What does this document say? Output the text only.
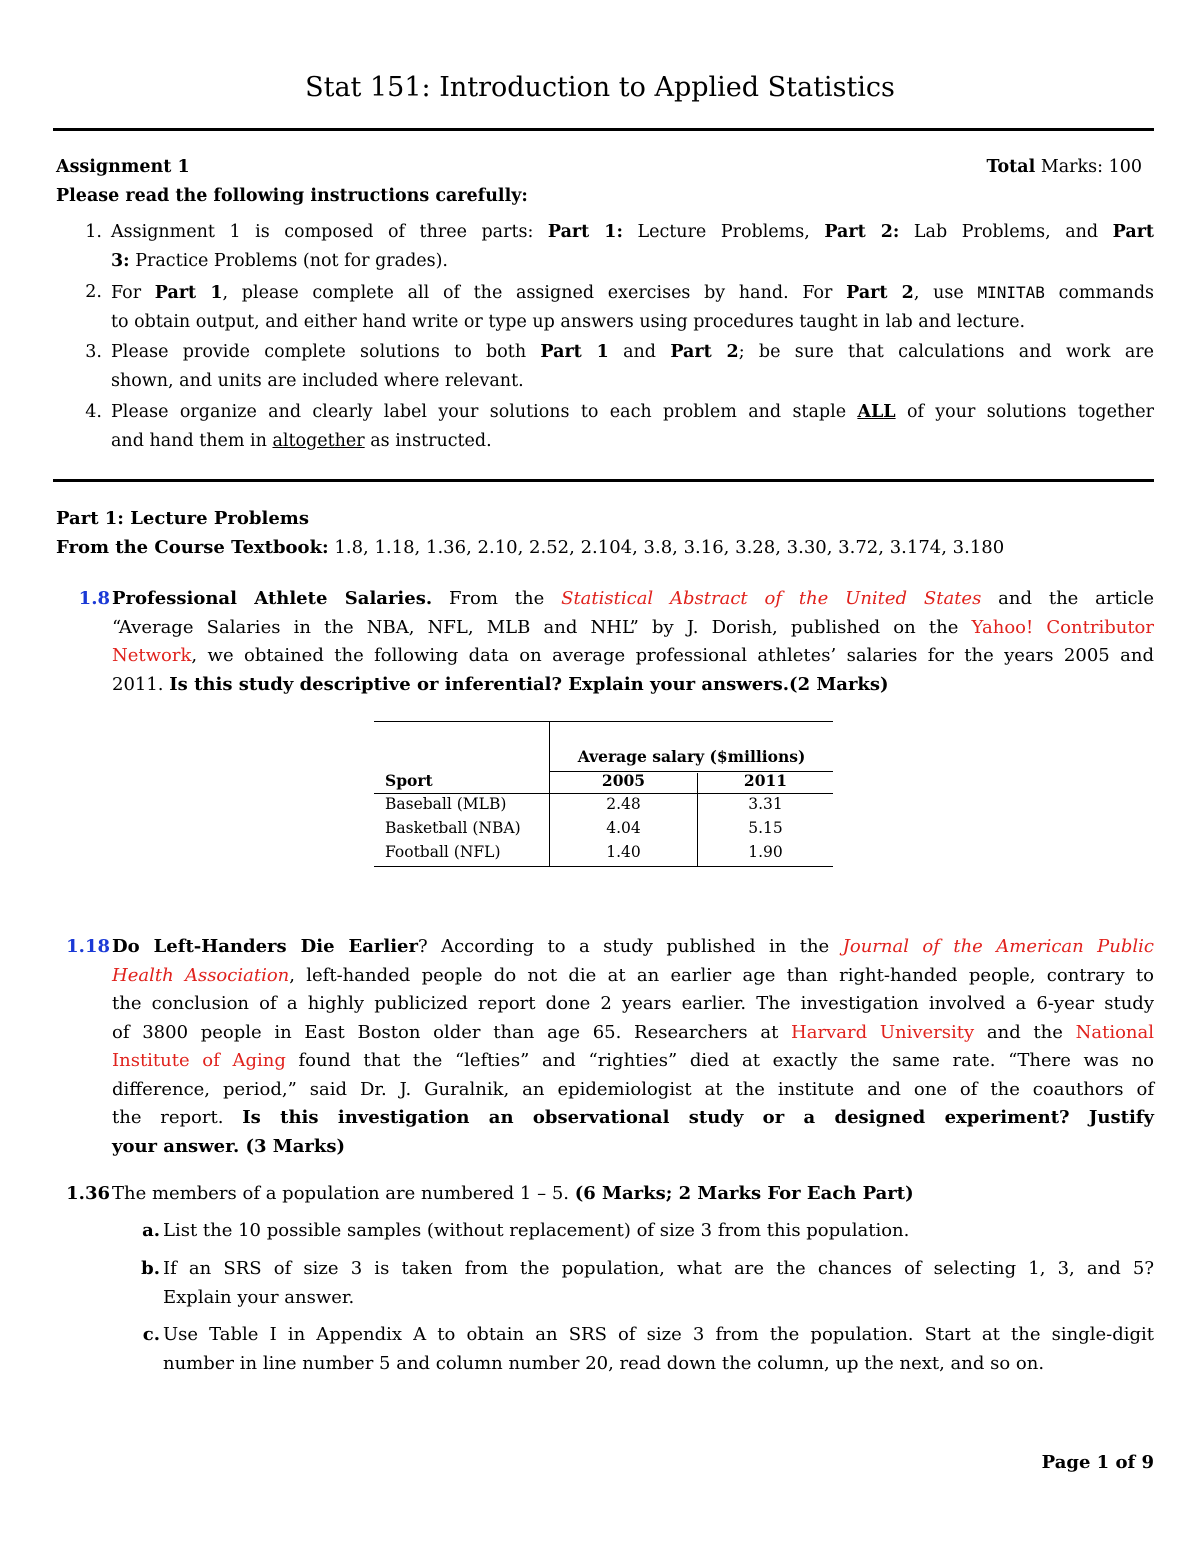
Stat 151: Introduction to Applied Statistics
Assignment 1	Total Marks: 100
Please read the following instructions carefully:
1. Assignment 1 is composed of three parts: Part 1: Lecture Problems, Part 2: Lab Problems, and Part
3: Practice Problems (not for grades).
2. For Part 1, please complete all of the assigned exercises by hand. For Part 2, use MINITAB commands
to obtain output, and either hand write or type up answers using procedures taught in lab and lecture.
3. Please provide complete solutions to both Part 1 and Part 2; be sure that calculations and work are
shown, and units are included where relevant.
4. Please organize and clearly label your solutions to each problem and staple ALL of your solutions together
and hand them in altogether as instructed.
Part 1: Lecture Problems
From the Course Textbook: 1.8, 1.18, 1.36, 2.10, 2.52, 2.104, 3.8, 3.16, 3.28, 3.30, 3.72, 3.174, 3.180
1.8 Professional Athlete Salaries. From the Statistical Abstract of the United States and the article
“Average Salaries in the NBA, NFL, MLB and NHL” by J. Dorish, published on the Yahoo! Contributor
Network, we obtained the following data on average professional athletes’ salaries for the years 2005 and
2011. Is this study descriptive or inferential? Explain your answers.(2 Marks)
Average salary ($millions)
Sport	2005	2011
Baseball (MLB)	2.48	3.31
Basketball (NBA)	4.04	5.15
Football (NFL)	1.40	1.90
1.18 Do Left-Handers Die Earlier? According to a study published in the Journal of the American Public
Health Association, left-handed people do not die at an earlier age than right-handed people, contrary to
the conclusion of a highly publicized report done 2 years earlier. The investigation involved a 6-year study
of 3800 people in East Boston older than age 65. Researchers at Harvard University and the National
Institute of Aging found that the “lefties” and “righties” died at exactly the same rate. “There was no
difference, period,” said Dr. J. Guralnik, an epidemiologist at the institute and one of the coauthors of
the report. Is this investigation an observational study or a designed experiment? Justify
your answer. (3 Marks)
1.36 The members of a population are numbered 1 – 5. (6 Marks; 2 Marks For Each Part)
a. List the 10 possible samples (without replacement) of size 3 from this population.
b. If an SRS of size 3 is taken from the population, what are the chances of selecting 1, 3, and 5?
Explain your answer.
c. Use Table I in Appendix A to obtain an SRS of size 3 from the population. Start at the single-digit
number in line number 5 and column number 20, read down the column, up the next, and so on.
Page 1 of 9
